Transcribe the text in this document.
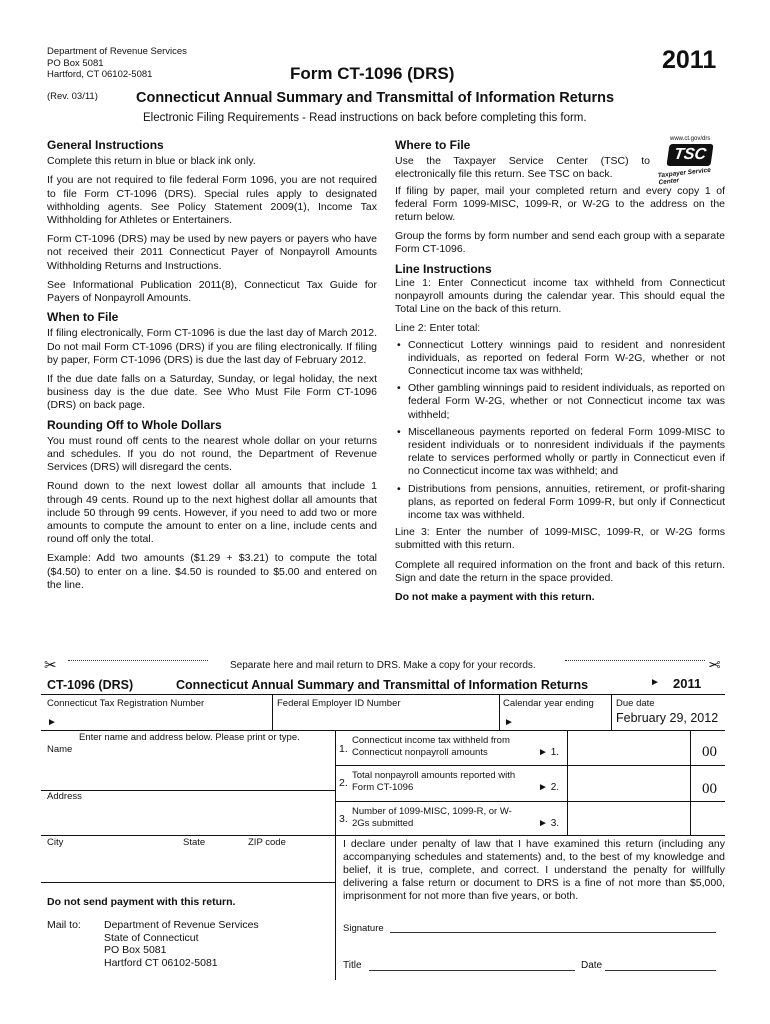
Department of Revenue Services
PO Box 5081
Hartford, CT 06102-5081
(Rev. 03/11)
Form CT-1096 (DRS)	2011
Connecticut Annual Summary and Transmittal of Information Returns
Electronic Filing Requirements - Read instructions on back before completing this form.
General Instructions

Complete this return in blue or black ink only.

If you are not required to file federal Form 1096, you are not required to file Form CT-1096 (DRS). Special rules apply to designated withholding agents. See Policy Statement 2009(1), Income Tax Withholding for Athletes or Entertainers.

Form CT-1096 (DRS) may be used by new payers or payers who have not received their 2011 Connecticut Payer of Nonpayroll Amounts Withholding Returns and Instructions.

See Informational Publication 2011(8), Connecticut Tax Guide for Payers of Nonpayroll Amounts.

When to File

If filing electronically, Form CT-1096 is due the last day of March 2012. Do not mail Form CT-1096 (DRS) if you are filing electronically. If filing by paper, Form CT-1096 (DRS) is due the last day of February 2012.

If the due date falls on a Saturday, Sunday, or legal holiday, the next business day is the due date. See Who Must File Form CT-1096 (DRS) on back page.

Rounding Off to Whole Dollars

You must round off cents to the nearest whole dollar on your returns and schedules. If you do not round, the Department of Revenue Services (DRS) will disregard the cents.

Round down to the next lowest dollar all amounts that include 1 through 49 cents. Round up to the next highest dollar all amounts that include 50 through 99 cents. However, if you need to add two or more amounts to compute the amount to enter on a line, include cents and round off only the total.

Example: Add two amounts ($1.29 + $3.21) to compute the total ($4.50) to enter on a line. $4.50 is rounded to $5.00 and entered on the line.

www.ct.gov/drs
TSC
Taxpayer Service Center
Where to File

Use the Taxpayer Service Center (TSC) to electronically file this return. See TSC on back.

If filing by paper, mail your completed return and every copy 1 of federal Form 1099-MISC, 1099-R, or W-2G to the address on the return below.

Group the forms by form number and send each group with a separate Form CT-1096.

Line Instructions

Line 1: Enter Connecticut income tax withheld from Connecticut nonpayroll amounts during the calendar year. This should equal the Total Line on the back of this return.

Line 2: Enter total:

• Connecticut Lottery winnings paid to resident and nonresident individuals, as reported on federal Form W-2G, whether or not Connecticut income tax was withheld;
• Other gambling winnings paid to resident individuals, as reported on federal Form W-2G, whether or not Connecticut income tax was withheld;
• Miscellaneous payments reported on federal Form 1099-MISC to resident individuals or to nonresident individuals if the payments relate to services performed wholly or partly in Connecticut even if no Connecticut income tax was withheld; and
• Distributions from pensions, annuities, retirement, or profit-sharing plans, as reported on federal Form 1099-R, but only if Connecticut income tax was withheld.

Line 3: Enter the number of 1099-MISC, 1099-R, or W-2G forms submitted with this return.

Complete all required information on the front and back of this return. Sign and date the return in the space provided.

Do not make a payment with this return.

✂	Separate here and mail return to DRS. Make a copy for your records.	✂
CT-1096 (DRS)	Connecticut Annual Summary and Transmittal of Information Returns	► 2011
Connecticut Tax Registration Number
►
Federal Employer ID Number	Calendar year ending
►
Due date
February 29, 2012
Enter name and address below. Please print or type.
Name
Address
City	State	ZIP code
1.
Connecticut income tax withheld from Connecticut nonpayroll amounts	► 1.	00
2.
Total nonpayroll amounts reported with Form CT-1096	► 2.	00
3.
Number of 1099-MISC, 1099-R, or W-2Gs submitted	► 3.
I declare under penalty of law that I have examined this return (including any accompanying schedules and statements) and, to the best of my knowledge and belief, it is true, complete, and correct. I understand the penalty for willfully delivering a false return or document to DRS is a fine of not more than $5,000, imprisonment for not more than five years, or both.
Signature
Title	Date
Do not send payment with this return.
Mail to: Department of Revenue Services
State of Connecticut
PO Box 5081
Hartford CT 06102-5081
